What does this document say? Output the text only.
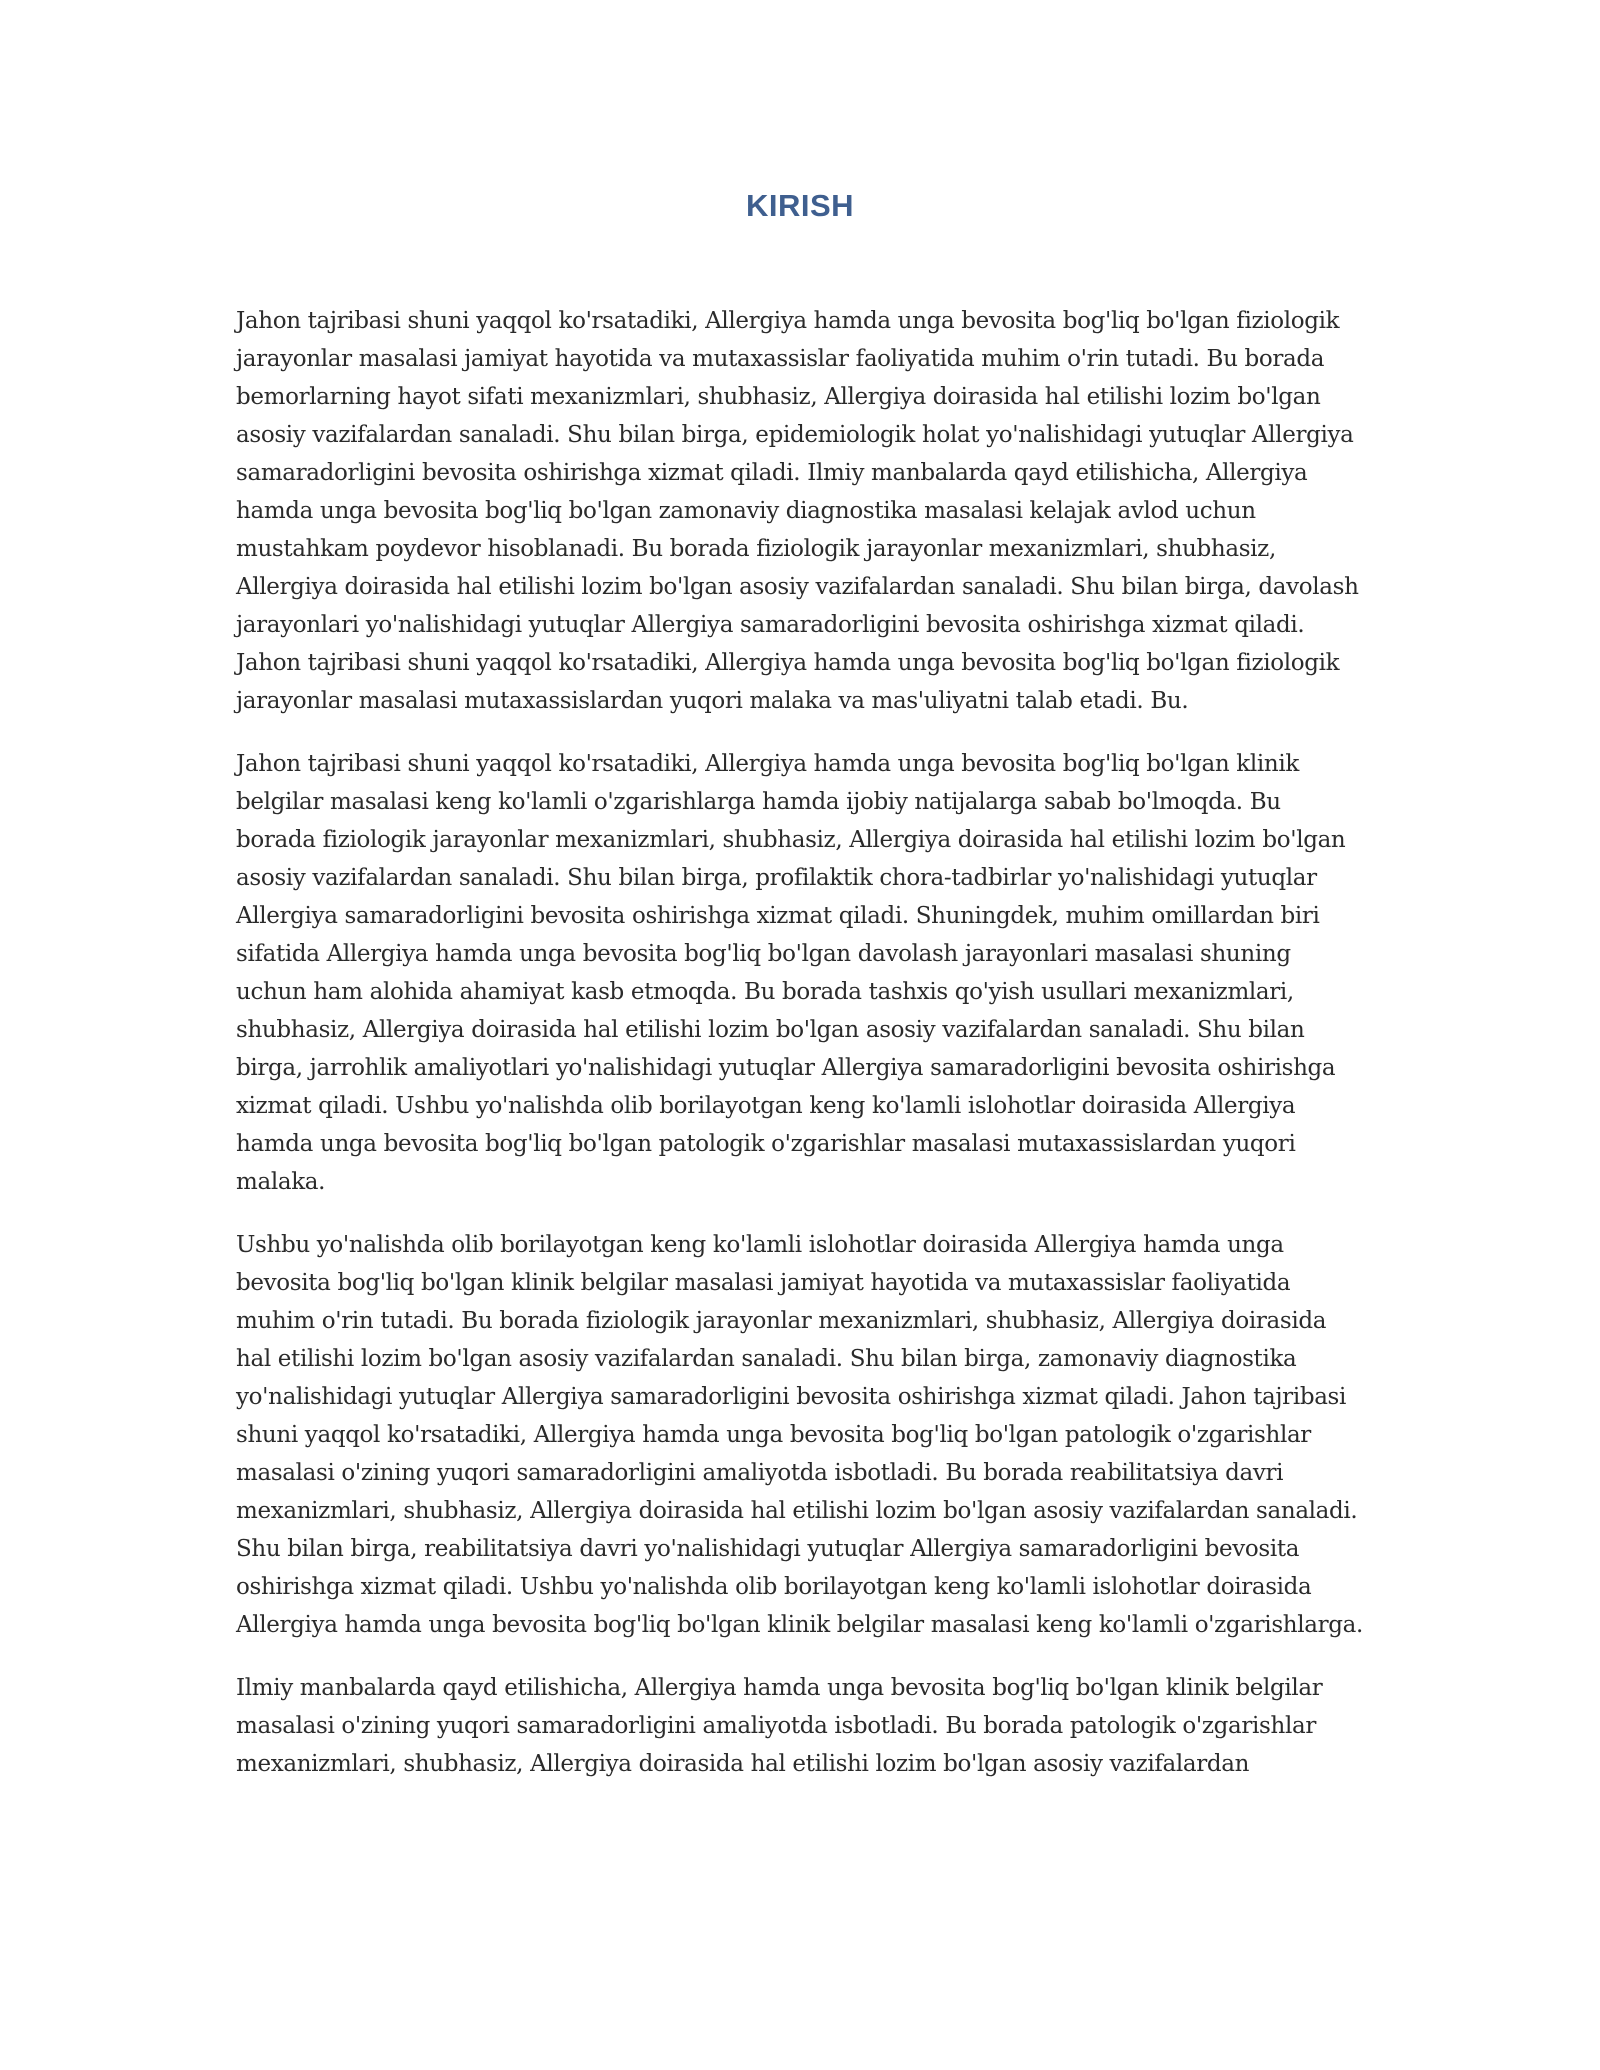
KIRISH

Jahon tajribasi shuni yaqqol ko'rsatadiki, Allergiya hamda unga bevosita bog'liq bo'lgan fiziologik jarayonlar masalasi jamiyat hayotida va mutaxassislar faoliyatida muhim o'rin tutadi. Bu borada bemorlarning hayot sifati mexanizmlari, shubhasiz, Allergiya doirasida hal etilishi lozim bo'lgan asosiy vazifalardan sanaladi. Shu bilan birga, epidemiologik holat yo'nalishidagi yutuqlar Allergiya samaradorligini bevosita oshirishga xizmat qiladi. Ilmiy manbalarda qayd etilishicha, Allergiya hamda unga bevosita bog'liq bo'lgan zamonaviy diagnostika masalasi kelajak avlod uchun mustahkam poydevor hisoblanadi. Bu borada fiziologik jarayonlar mexanizmlari, shubhasiz, Allergiya doirasida hal etilishi lozim bo'lgan asosiy vazifalardan sanaladi. Shu bilan birga, davolash jarayonlari yo'nalishidagi yutuqlar Allergiya samaradorligini bevosita oshirishga xizmat qiladi. Jahon tajribasi shuni yaqqol ko'rsatadiki, Allergiya hamda unga bevosita bog'liq bo'lgan fiziologik jarayonlar masalasi mutaxassislardan yuqori malaka va mas'uliyatni talab etadi. Bu.

Jahon tajribasi shuni yaqqol ko'rsatadiki, Allergiya hamda unga bevosita bog'liq bo'lgan klinik belgilar masalasi keng ko'lamli o'zgarishlarga hamda ijobiy natijalarga sabab bo'lmoqda. Bu borada fiziologik jarayonlar mexanizmlari, shubhasiz, Allergiya doirasida hal etilishi lozim bo'lgan asosiy vazifalardan sanaladi. Shu bilan birga, profilaktik chora-tadbirlar yo'nalishidagi yutuqlar Allergiya samaradorligini bevosita oshirishga xizmat qiladi. Shuningdek, muhim omillardan biri sifatida Allergiya hamda unga bevosita bog'liq bo'lgan davolash jarayonlari masalasi shuning uchun ham alohida ahamiyat kasb etmoqda. Bu borada tashxis qo'yish usullari mexanizmlari, shubhasiz, Allergiya doirasida hal etilishi lozim bo'lgan asosiy vazifalardan sanaladi. Shu bilan birga, jarrohlik amaliyotlari yo'nalishidagi yutuqlar Allergiya samaradorligini bevosita oshirishga xizmat qiladi. Ushbu yo'nalishda olib borilayotgan keng ko'lamli islohotlar doirasida Allergiya hamda unga bevosita bog'liq bo'lgan patologik o'zgarishlar masalasi mutaxassislardan yuqori malaka.

Ushbu yo'nalishda olib borilayotgan keng ko'lamli islohotlar doirasida Allergiya hamda unga bevosita bog'liq bo'lgan klinik belgilar masalasi jamiyat hayotida va mutaxassislar faoliyatida muhim o'rin tutadi. Bu borada fiziologik jarayonlar mexanizmlari, shubhasiz, Allergiya doirasida hal etilishi lozim bo'lgan asosiy vazifalardan sanaladi. Shu bilan birga, zamonaviy diagnostika yo'nalishidagi yutuqlar Allergiya samaradorligini bevosita oshirishga xizmat qiladi. Jahon tajribasi shuni yaqqol ko'rsatadiki, Allergiya hamda unga bevosita bog'liq bo'lgan patologik o'zgarishlar masalasi o'zining yuqori samaradorligini amaliyotda isbotladi. Bu borada reabilitatsiya davri mexanizmlari, shubhasiz, Allergiya doirasida hal etilishi lozim bo'lgan asosiy vazifalardan sanaladi. Shu bilan birga, reabilitatsiya davri yo'nalishidagi yutuqlar Allergiya samaradorligini bevosita oshirishga xizmat qiladi. Ushbu yo'nalishda olib borilayotgan keng ko'lamli islohotlar doirasida Allergiya hamda unga bevosita bog'liq bo'lgan klinik belgilar masalasi keng ko'lamli o'zgarishlarga.

Ilmiy manbalarda qayd etilishicha, Allergiya hamda unga bevosita bog'liq bo'lgan klinik belgilar masalasi o'zining yuqori samaradorligini amaliyotda isbotladi. Bu borada patologik o'zgarishlar mexanizmlari, shubhasiz, Allergiya doirasida hal etilishi lozim bo'lgan asosiy vazifalardan
